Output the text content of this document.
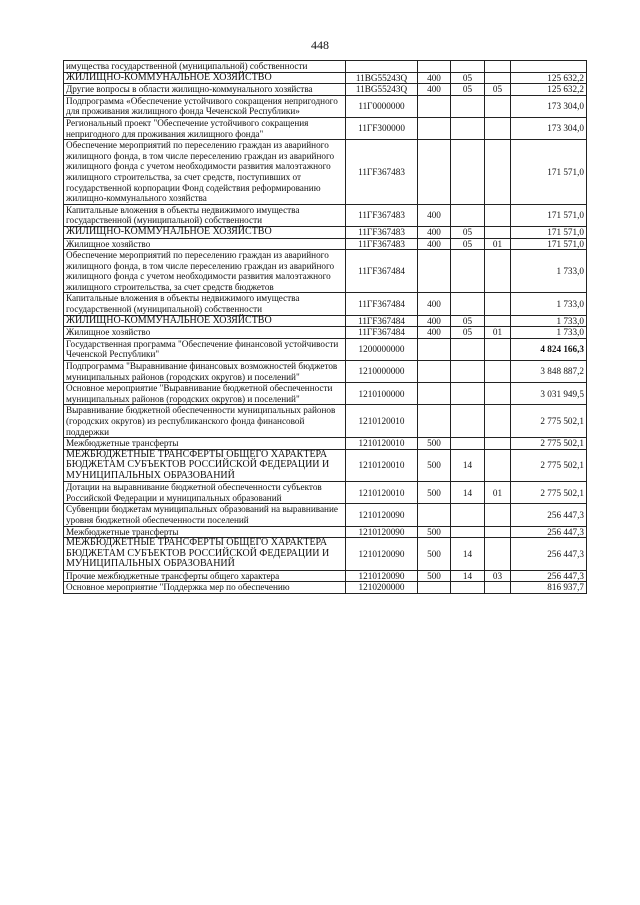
448
имущества государственной (муниципальной) собственности					
ЖИЛИЩНО-КОММУНАЛЬНОЕ ХОЗЯЙСТВО	11BG55243Q	400	05		125 632,2
Другие вопросы в области жилищно-коммунального хозяйства	11BG55243Q	400	05	05	125 632,2
Подпрограмма «Обеспечение устойчивого сокращения непригодного для проживания жилищного фонда Чеченской Республики»	11Г0000000				173 304,0
Региональный проект "Обеспечение устойчивого сокращения непригодного для проживания жилищного фонда"	11ГF300000				173 304,0
Обеспечение мероприятий по переселению граждан из аварийного жилищного фонда, в том числе переселению граждан из аварийного жилищного фонда с учетом необходимости развития малоэтажного жилищного строительства, за счет средств, поступивших от государственной корпорации Фонд содействия реформированию жилищно-коммунального хозяйства	11ГF367483				171 571,0
Капитальные вложения в объекты недвижимого имущества государственной (муниципальной) собственности	11ГF367483	400			171 571,0
ЖИЛИЩНО-КОММУНАЛЬНОЕ ХОЗЯЙСТВО	11ГF367483	400	05		171 571,0
Жилищное хозяйство	11ГF367483	400	05	01	171 571,0
Обеспечение мероприятий по переселению граждан из аварийного жилищного фонда, в том числе переселению граждан из аварийного жилищного фонда с учетом необходимости развития малоэтажного жилищного строительства, за счет средств бюджетов	11ГF367484				1 733,0
Капитальные вложения в объекты недвижимого имущества государственной (муниципальной) собственности	11ГF367484	400			1 733,0
ЖИЛИЩНО-КОММУНАЛЬНОЕ ХОЗЯЙСТВО	11ГF367484	400	05		1 733,0
Жилищное хозяйство	11ГF367484	400	05	01	1 733,0
Государственная программа "Обеспечение финансовой устойчивости Чеченской Республики"	1200000000				4 824 166,3
Подпрограмма "Выравнивание финансовых возможностей бюджетов муниципальных районов (городских округов) и поселений"	1210000000				3 848 887,2
Основное мероприятие "Выравнивание бюджетной обеспеченности муниципальных районов (городских округов) и поселений"	1210100000				3 031 949,5
Выравнивание бюджетной обеспеченности муниципальных районов (городских округов) из республиканского фонда финансовой поддержки	1210120010				2 775 502,1
Межбюджетные трансферты	1210120010	500			2 775 502,1
МЕЖБЮДЖЕТНЫЕ ТРАНСФЕРТЫ ОБЩЕГО ХАРАКТЕРА БЮДЖЕТАМ СУБЪЕКТОВ РОССИЙСКОЙ ФЕДЕРАЦИИ И МУНИЦИПАЛЬНЫХ ОБРАЗОВАНИЙ	1210120010	500	14		2 775 502,1
Дотации на выравнивание бюджетной обеспеченности субъектов Российской Федерации и муниципальных образований	1210120010	500	14	01	2 775 502,1
Субвенции бюджетам муниципальных образований на выравнивание уровня бюджетной обеспеченности поселений	1210120090				256 447,3
Межбюджетные трансферты	1210120090	500			256 447,3
МЕЖБЮДЖЕТНЫЕ ТРАНСФЕРТЫ ОБЩЕГО ХАРАКТЕРА БЮДЖЕТАМ СУБЪЕКТОВ РОССИЙСКОЙ ФЕДЕРАЦИИ И МУНИЦИПАЛЬНЫХ ОБРАЗОВАНИЙ	1210120090	500	14		256 447,3
Прочие межбюджетные трансферты общего характера	1210120090	500	14	03	256 447,3
Основное мероприятие "Поддержка мер по обеспечению	1210200000				816 937,7
